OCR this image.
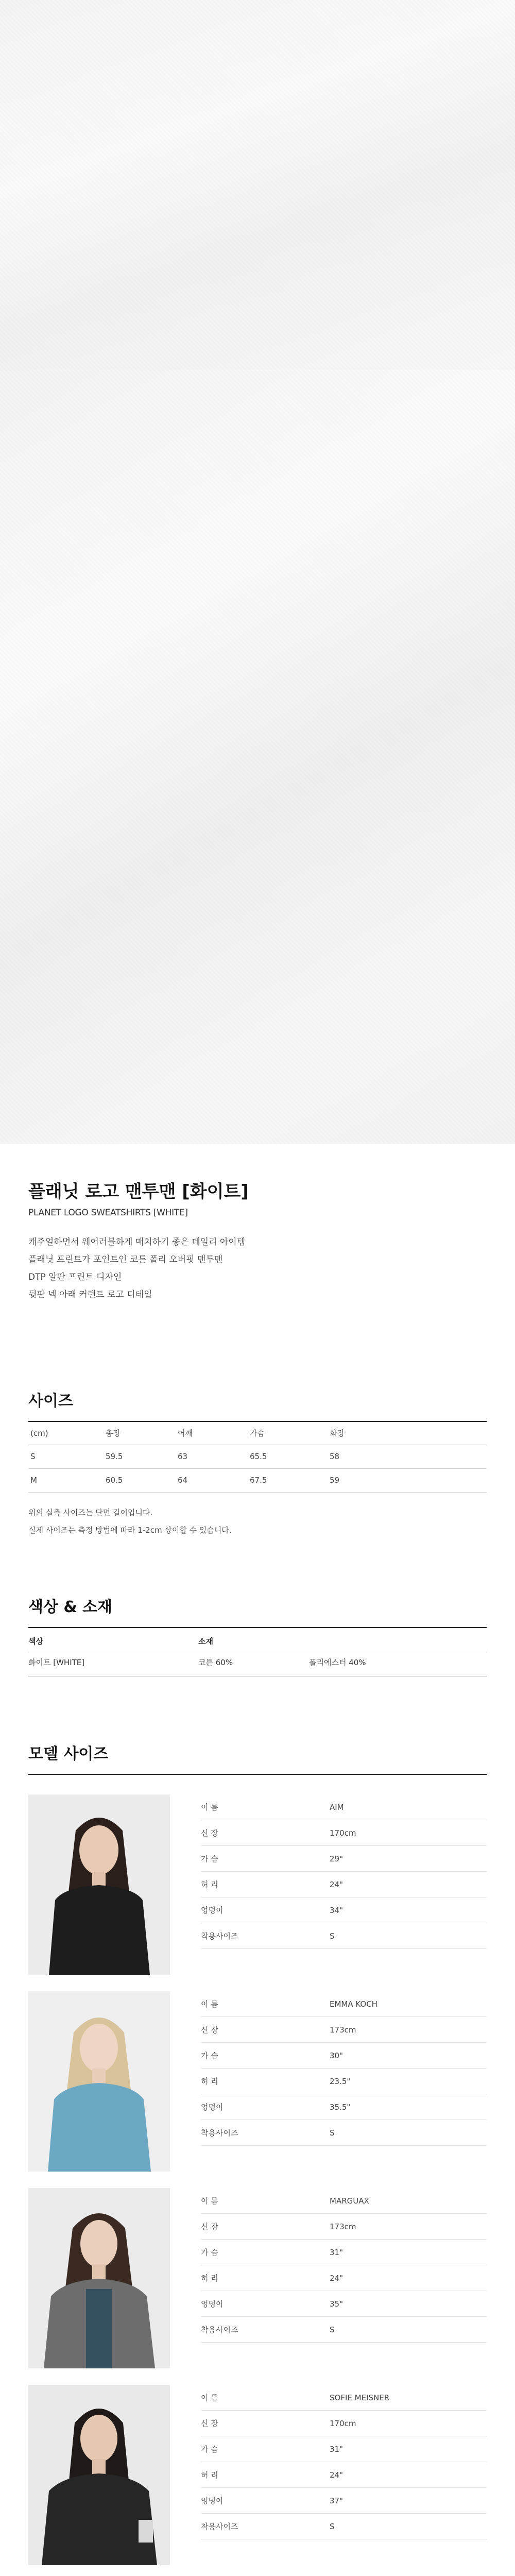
플래닛 로고 맨투맨 [화이트]
PLANET LOGO SWEATSHIRTS [WHITE]

캐주얼하면서 웨어러블하게 매치하기 좋은 데일리 아이템

플래닛 프린트가 포인트인 코튼 폴리 오버핏 맨투맨

DTP 알판 프린트 디자인

뒷판 넥 아래 커렌트 로고 디테일

사이즈
(cm)	총장	어깨	가슴	화장
S	59.5	63	65.5	58
M	60.5	64	67.5	59

위의 실측 사이즈는 단면 길이입니다.

실제 사이즈는 측정 방법에 따라 1-2cm 상이할 수 있습니다.

색상 & 소재
색상	소재
화이트 [WHITE]	코튼 60%	폴리에스터 40%
모델 사이즈
이 름	AIM
신 장	170cm
가 슴	29"
허 리	24"
엉덩이	34"
착용사이즈	S
이 름	EMMA KOCH
신 장	173cm
가 슴	30"
허 리	23.5"
엉덩이	35.5"
착용사이즈	S
이 름	MARGUAX
신 장	173cm
가 슴	31"
허 리	24"
엉덩이	35"
착용사이즈	S
이 름	SOFIE MEISNER
신 장	170cm
가 슴	31"
허 리	24"
엉덩이	37"
착용사이즈	S
